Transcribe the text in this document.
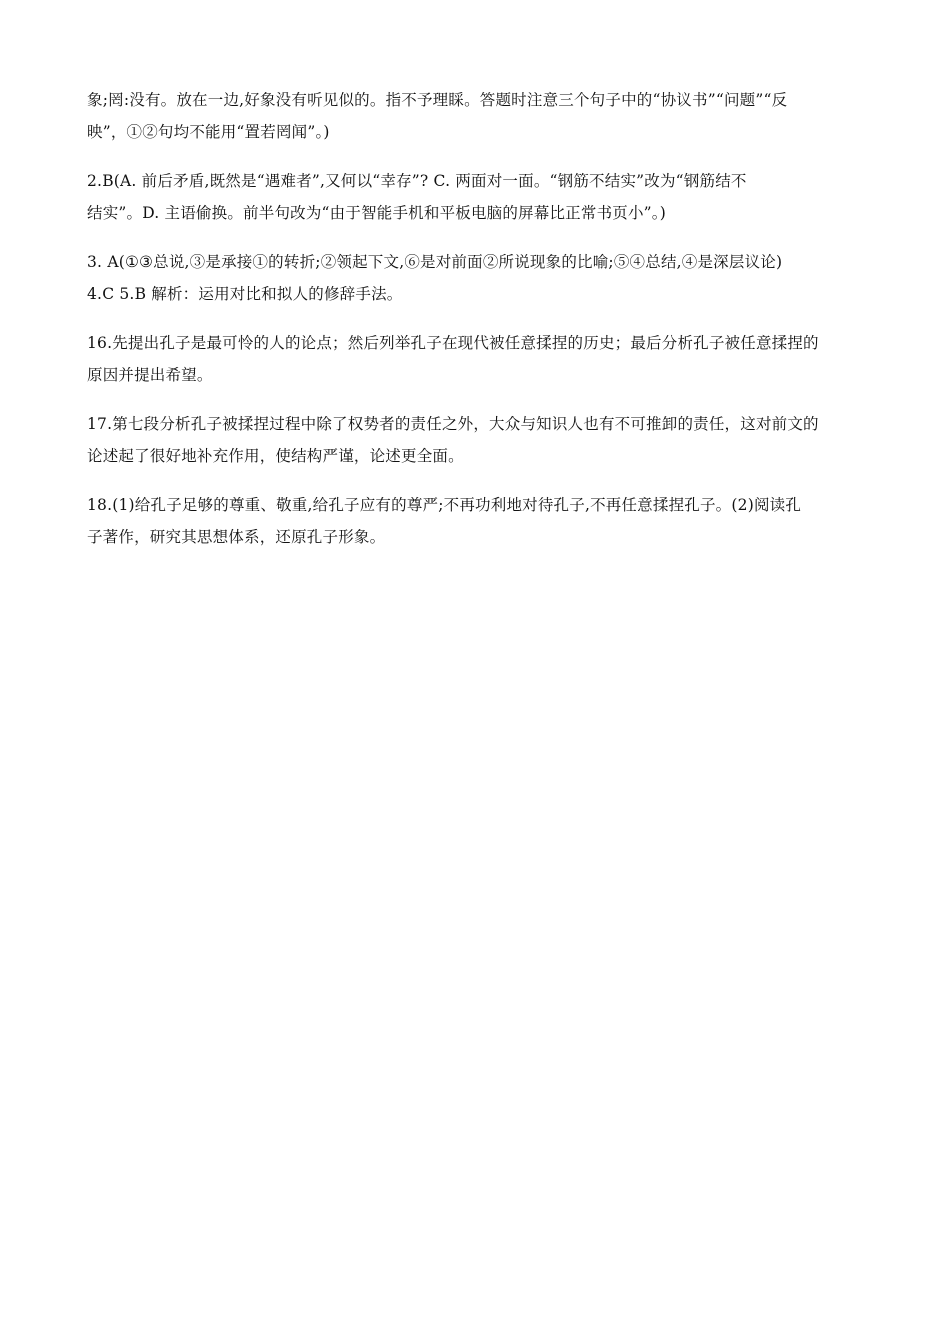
象;罔:没有。放在一边,好象没有听见似的。指不予理睬。答题时注意三个句子中的“协议书”“问题”“反
映”，①②句均不能用“置若罔闻”。)

2.B(A. 前后矛盾,既然是“遇难者”,又何以“幸存”? C. 两面对一面。“钢筋不结实”改为“钢筋结不
结实”。D. 主语偷换。前半句改为“由于智能手机和平板电脑的屏幕比正常书页小”。)

3. A(①③总说,③是承接①的转折;②领起下文,⑥是对前面②所说现象的比喻;⑤④总结,④是深层议论)
4.C 5.B 解析：运用对比和拟人的修辞手法。

16.先提出孔子是最可怜的人的论点；然后列举孔子在现代被任意揉捏的历史；最后分析孔子被任意揉捏的
原因并提出希望。

17.第七段分析孔子被揉捏过程中除了权势者的责任之外，大众与知识人也有不可推卸的责任，这对前文的
论述起了很好地补充作用，使结构严谨，论述更全面。

18.(1)给孔子足够的尊重、敬重,给孔子应有的尊严;不再功利地对待孔子,不再任意揉捏孔子。(2)阅读孔
子著作，研究其思想体系，还原孔子形象。
